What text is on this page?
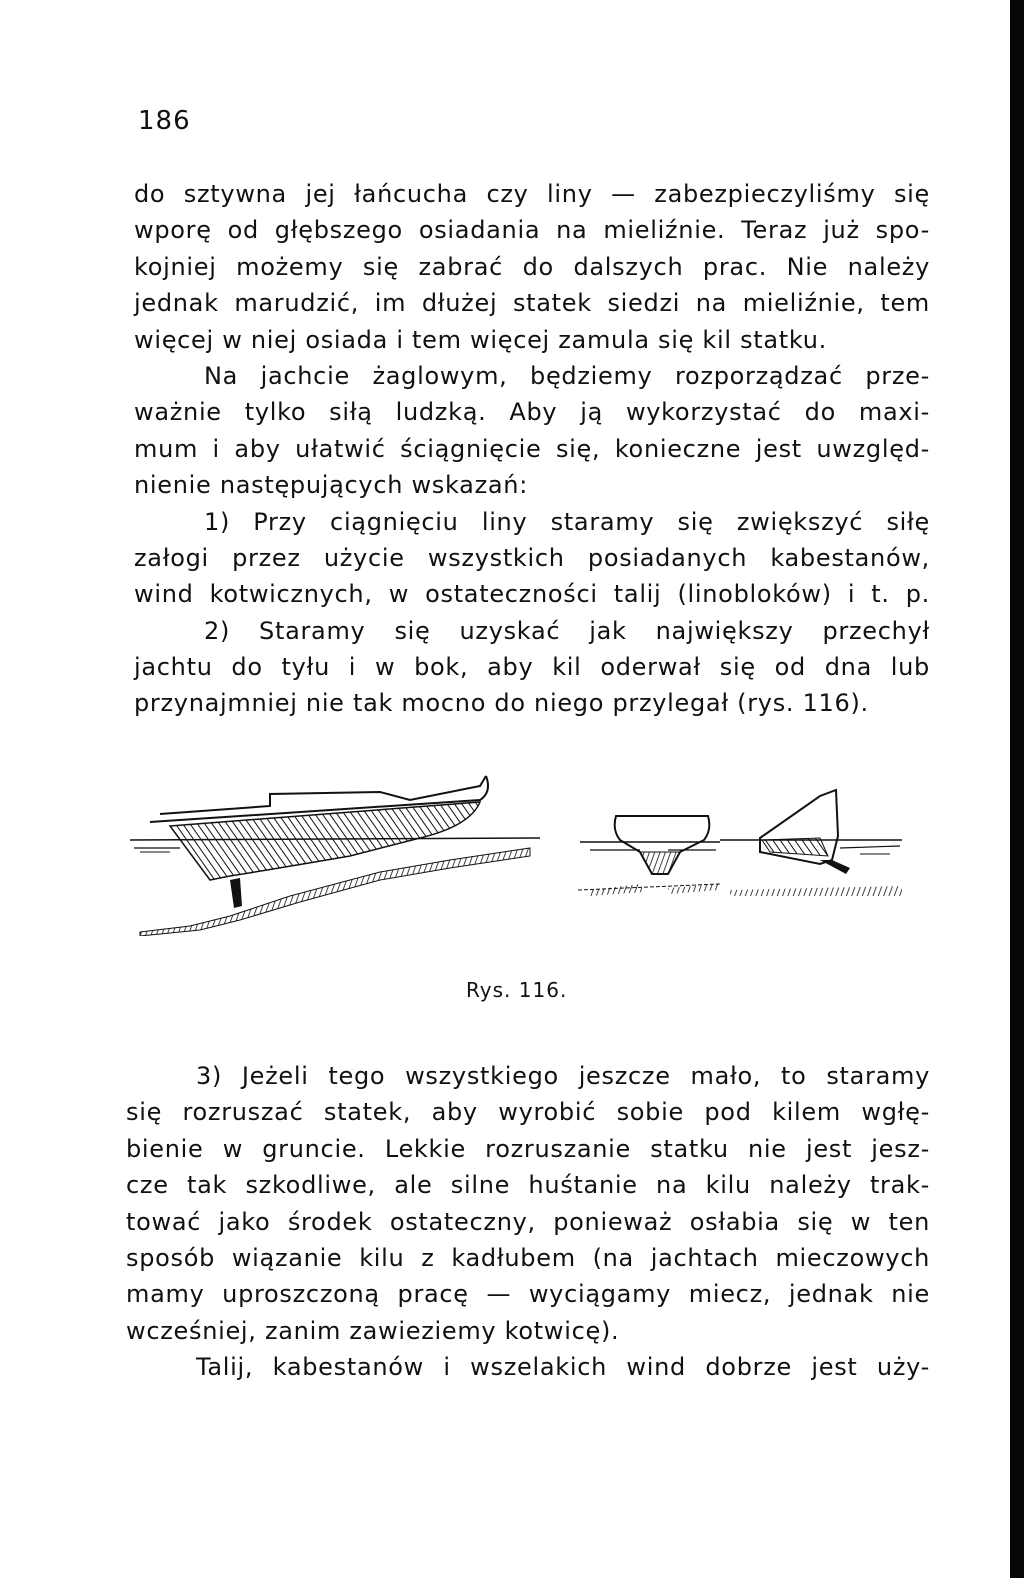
186
do sztywna jej łańcucha czy liny — zabezpieczyliśmy się
wporę od głębszego osiadania na mieliźnie. Teraz już spo-
kojniej możemy się zabrać do dalszych prac. Nie należy
jednak marudzić, im dłużej statek siedzi na mieliźnie, tem
więcej w niej osiada i tem więcej zamula się kil statku.
Na jachcie żaglowym, będziemy rozporządzać prze-
ważnie tylko siłą ludzką. Aby ją wykorzystać do maxi-
mum i aby ułatwić ściągnięcie się, konieczne jest uwzględ-
nienie następujących wskazań:
1) Przy ciągnięciu liny staramy się zwiększyć siłę
załogi przez użycie wszystkich posiadanych kabestanów,
wind kotwicznych, w ostateczności talij (linobloków) i t. p.
2) Staramy się uzyskać jak największy przechył
jachtu do tyłu i w bok, aby kil oderwał się od dna lub
przynajmniej nie tak mocno do niego przylegał (rys. 116).
Rys. 116.
3) Jeżeli tego wszystkiego jeszcze mało, to staramy
się rozruszać statek, aby wyrobić sobie pod kilem wgłę-
bienie w gruncie. Lekkie rozruszanie statku nie jest jesz-
cze tak szkodliwe, ale silne huśtanie na kilu należy trak-
tować jako środek ostateczny, ponieważ osłabia się w ten
sposób wiązanie kilu z kadłubem (na jachtach mieczowych
mamy uproszczoną pracę — wyciągamy miecz, jednak nie
wcześniej, zanim zawieziemy kotwicę).
Talij, kabestanów i wszelakich wind dobrze jest uży-
